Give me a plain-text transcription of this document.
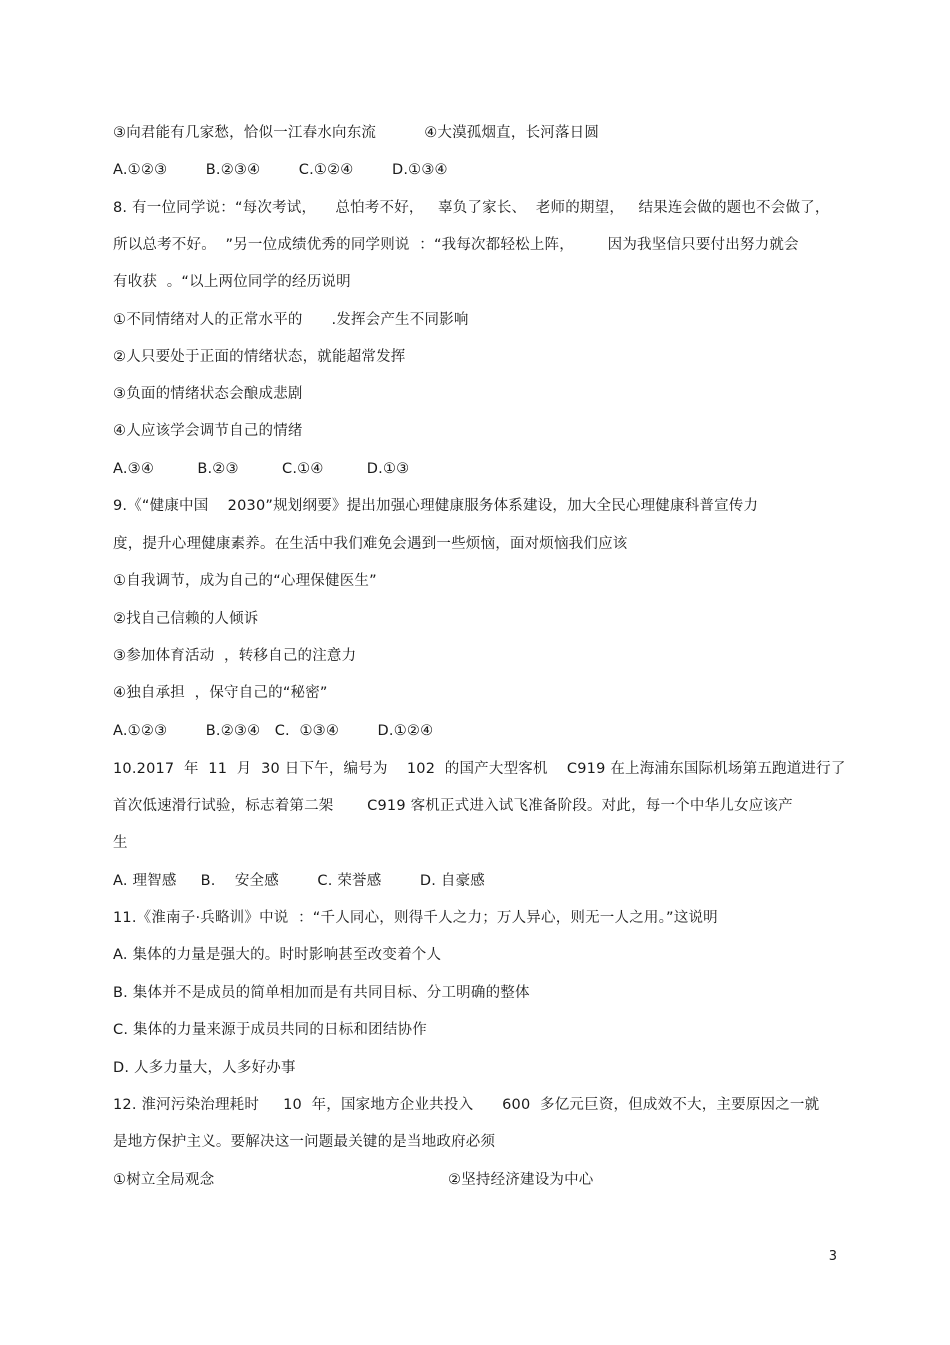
③向君能有几家愁，恰似一江春水向东流          ④大漠孤烟直，长河落日圆
A.①②③        B.②③④        C.①②④        D.①③④
8. 有一位同学说：“每次考试，    总怕考不好，   辜负了家长、  老师的期望，   结果连会做的题也不会做了，
所以总考不好。  ”另一位成绩优秀的同学则说  ：“我每次都轻松上阵，       因为我坚信只要付出努力就会
有收获  。“以上两位同学的经历说明
①不同情绪对人的正常水平的      .发挥会产生不同影响
②人只要处于正面的情绪状态，就能超常发挥
③负面的情绪状态会酿成悲剧
④人应该学会调节自己的情绪
A.③④         B.②③         C.①④         D.①③
9.《“健康中国    2030”规划纲要》提出加强心理健康服务体系建设，加大全民心理健康科普宣传力
度，提升心理健康素养。在生活中我们难免会遇到一些烦恼，面对烦恼我们应该
①自我调节，成为自己的“心理保健医生”
②找自己信赖的人倾诉
③参加体育活动  ，转移自己的注意力
④独自承担  ，保守自己的“秘密”
A.①②③        B.②③④   C.  ①③④        D.①②④
10.2017  年  11  月  30 日下午，编号为    102  的国产大型客机    C919 在上海浦东国际机场第五跑道进行了
首次低速滑行试验，标志着第二架       C919 客机正式进入试飞准备阶段。对此，每一个中华儿女应该产
生
A. 理智感     B.    安全感        C. 荣誉感        D. 自豪感
11.《淮南子·兵略训》中说  ：“千人同心，则得千人之力；万人异心，则无一人之用。”这说明
A. 集体的力量是强大的。时时影响甚至改变着个人
B. 集体并不是成员的简单相加而是有共同目标、分工明确的整体
C. 集体的力量来源于成员共同的日标和团结协作
D. 人多力量大，人多好办事
12. 淮河污染治理耗时     10  年，国家地方企业共投入      600  多亿元巨资，但成效不大，主要原因之一就
是地方保护主义。要解决这一问题最关键的是当地政府必须
①树立全局观念	②坚持经济建设为中心
3
